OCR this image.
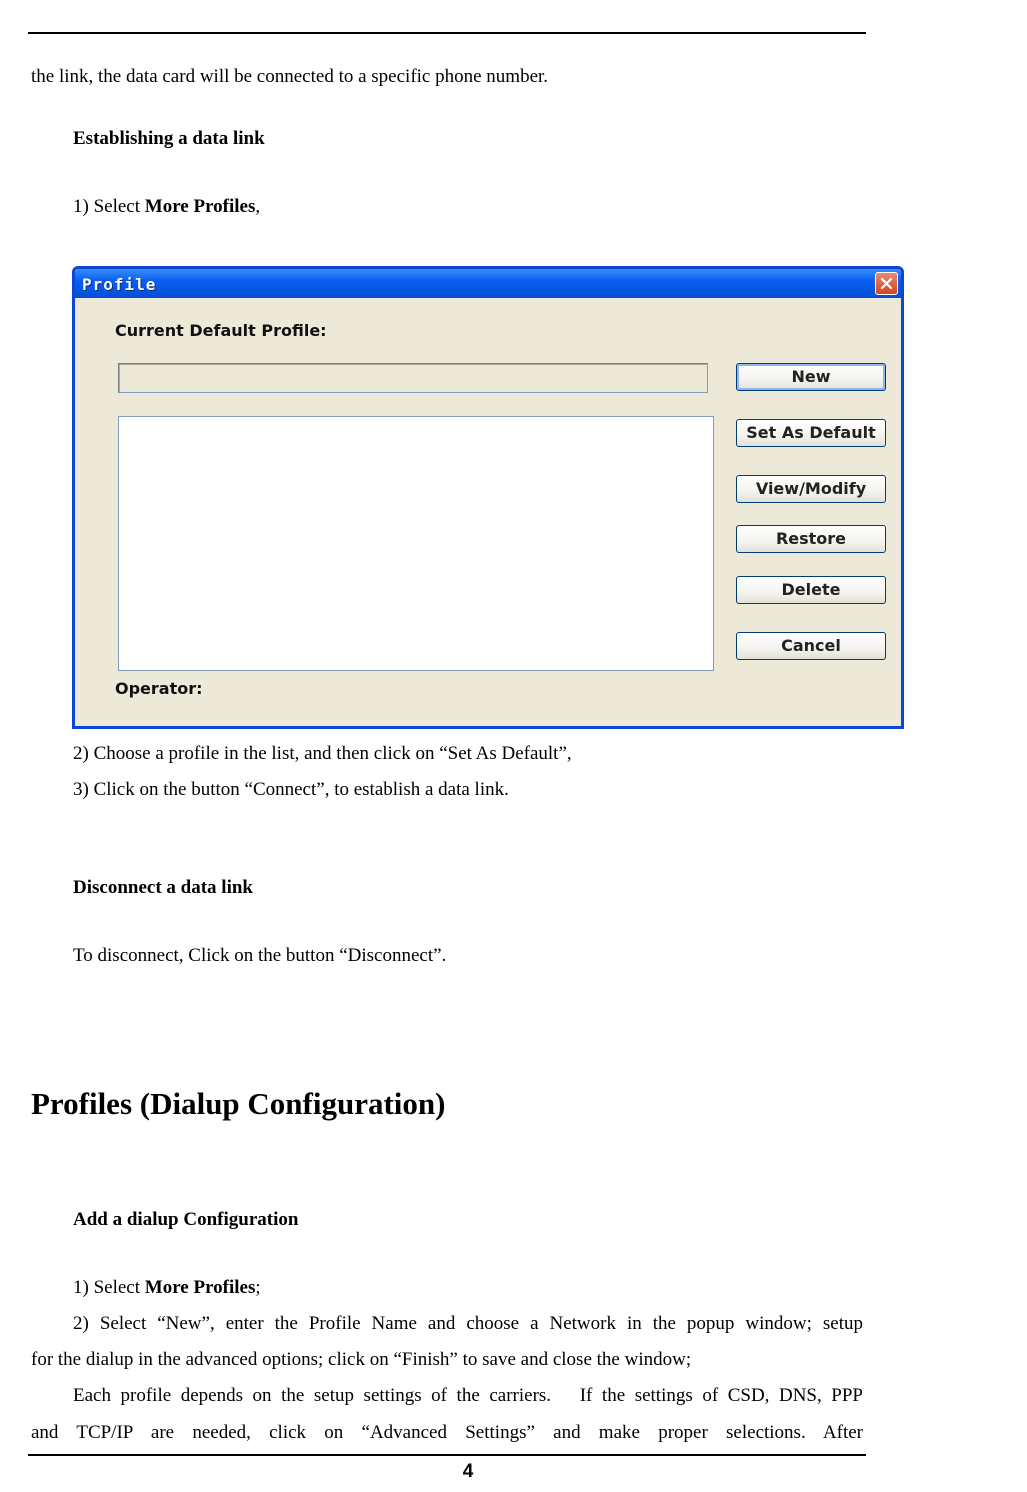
the link, the data card will be connected to a specific phone number.
Establishing a data link
1) Select More Profiles,
Profile
Current Default Profile:
Operator:
New
Set As Default
View/Modify
Restore
Delete
Cancel
2) Choose a profile in the list, and then click on “Set As Default”,
3) Click on the button “Connect”, to establish a data link.
Disconnect a data link
To disconnect, Click on the button “Disconnect”.
Profiles (Dialup Configuration)
Add a dialup Configuration
1) Select More Profiles;
2) Select “New”, enter the Profile Name and choose a Network in the popup window; setup
for the dialup in the advanced options; click on “Finish” to save and close the window;
Each profile depends on the setup settings of the carriers.   If the settings of CSD, DNS, PPP
and TCP/IP are needed, click on “Advanced Settings” and make proper selections. After
4
